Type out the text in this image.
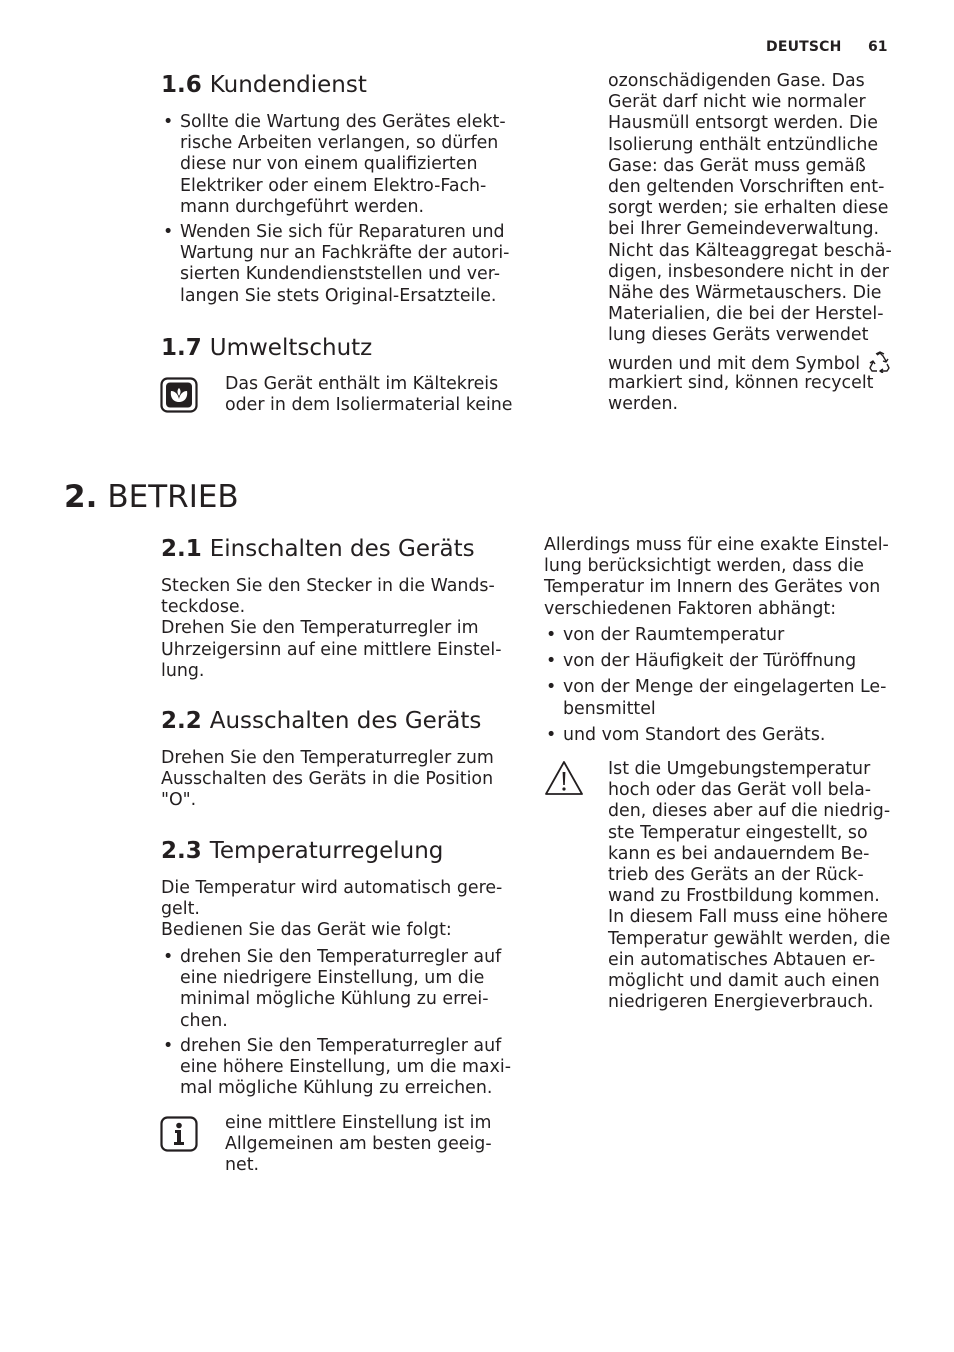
DEUTSCH 61
1.6 Kundendienst
• Sollte die Wartung des Gerätes elekt-
rische Arbeiten verlangen, so dürfen
diese nur von einem qualifizierten
Elektriker oder einem Elektro-Fach-
mann durchgeführt werden.
• Wenden Sie sich für Reparaturen und
Wartung nur an Fachkräfte der autori-
sierten Kundendienststellen und ver-
langen Sie stets Original-Ersatzteile.
1.7 Umweltschutz
Das Gerät enthält im Kältekreis
oder in dem Isoliermaterial keine
ozonschädigenden Gase. Das
Gerät darf nicht wie normaler
Hausmüll entsorgt werden. Die
Isolierung enthält entzündliche
Gase: das Gerät muss gemäß
den geltenden Vorschriften ent-
sorgt werden; sie erhalten diese
bei Ihrer Gemeindeverwaltung.
Nicht das Kälteaggregat beschä-
digen, insbesondere nicht in der
Nähe des Wärmetauschers. Die
Materialien, die bei der Herstel-
lung dieses Geräts verwendet
wurden und mit dem Symbol
markiert sind, können recycelt
werden.
2. BETRIEB
2.1 Einschalten des Geräts
Stecken Sie den Stecker in die Wands-
teckdose.
Drehen Sie den Temperaturregler im
Uhrzeigersinn auf eine mittlere Einstel-
lung.
2.2 Ausschalten des Geräts
Drehen Sie den Temperaturregler zum
Ausschalten des Geräts in die Position
"O".
2.3 Temperaturregelung
Die Temperatur wird automatisch gere-
gelt.
Bedienen Sie das Gerät wie folgt:
• drehen Sie den Temperaturregler auf
eine niedrigere Einstellung, um die
minimal mögliche Kühlung zu errei-
chen.
• drehen Sie den Temperaturregler auf
eine höhere Einstellung, um die maxi-
mal mögliche Kühlung zu erreichen.
eine mittlere Einstellung ist im
Allgemeinen am besten geeig-
net.
Allerdings muss für eine exakte Einstel-
lung berücksichtigt werden, dass die
Temperatur im Innern des Gerätes von
verschiedenen Faktoren abhängt:
• von der Raumtemperatur
• von der Häufigkeit der Türöffnung
• von der Menge der eingelagerten Le-
bensmittel
• und vom Standort des Geräts.
Ist die Umgebungstemperatur
hoch oder das Gerät voll bela-
den, dieses aber auf die niedrig-
ste Temperatur eingestellt, so
kann es bei andauerndem Be-
trieb des Geräts an der Rück-
wand zu Frostbildung kommen.
In diesem Fall muss eine höhere
Temperatur gewählt werden, die
ein automatisches Abtauen er-
möglicht und damit auch einen
niedrigeren Energieverbrauch.
